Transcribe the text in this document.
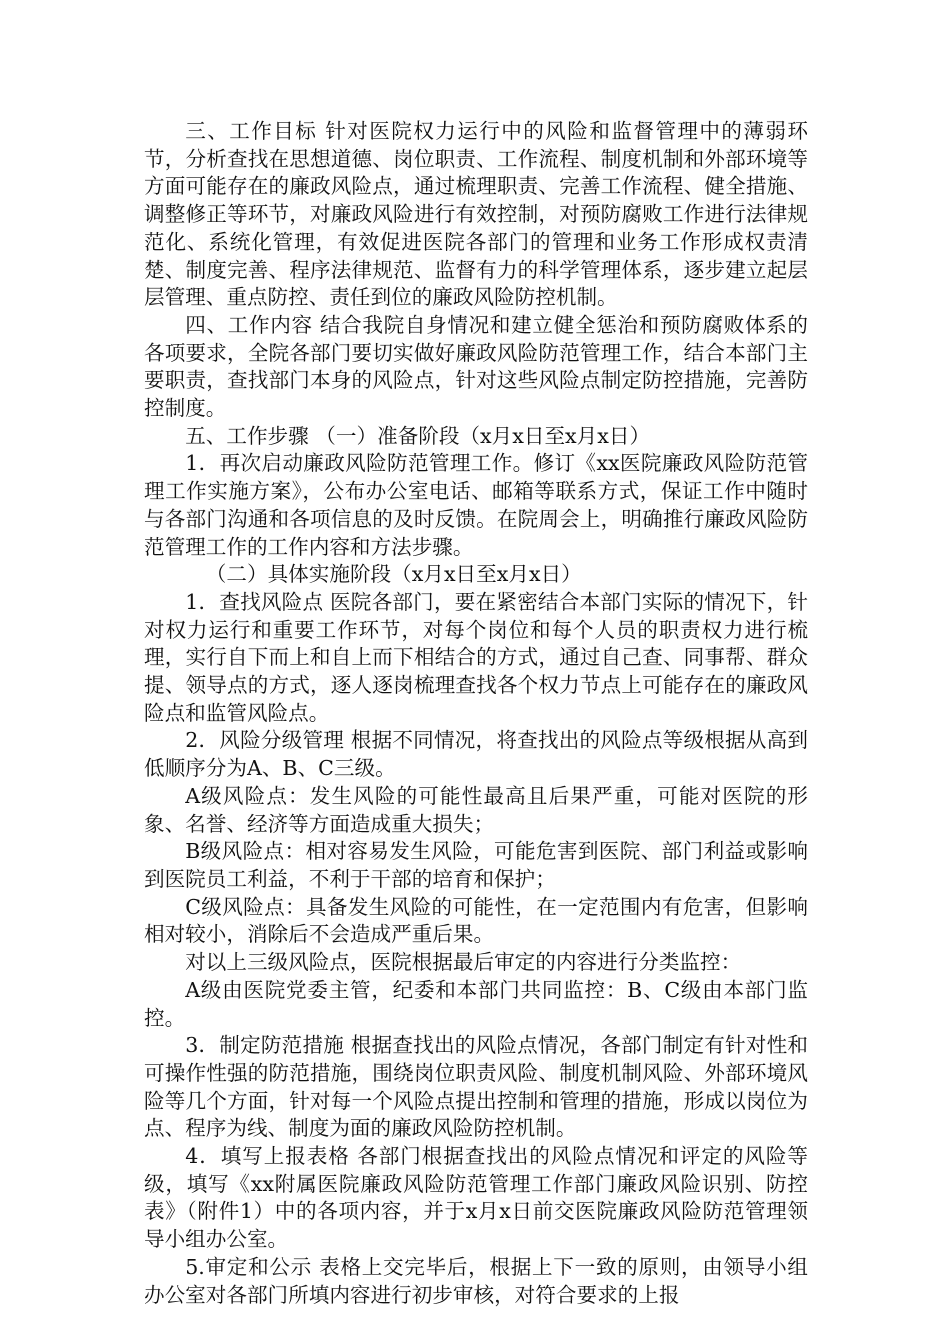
三、工作目标 针对医院权力运行中的风险和监督管理中的薄弱环节，分析查找在思想道德、岗位职责、工作流程、制度机制和外部环境等方面可能存在的廉政风险点，通过梳理职责、完善工作流程、健全措施、调整修正等环节，对廉政风险进行有效控制，对预防腐败工作进行法律规范化、系统化管理，有效促进医院各部门的管理和业务工作形成权责清楚、制度完善、程序法律规范、监督有力的科学管理体系，逐步建立起层层管理、重点防控、责任到位的廉政风险防控机制。

四、工作内容 结合我院自身情况和建立健全惩治和预防腐败体系的各项要求，全院各部门要切实做好廉政风险防范管理工作，结合本部门主要职责，查找部门本身的风险点，针对这些风险点制定防控措施，完善防控制度。

五、工作步骤 （一）准备阶段（x月x日至x月x日）

1．再次启动廉政风险防范管理工作。修订《xx医院廉政风险防范管理工作实施方案》，公布办公室电话、邮箱等联系方式，保证工作中随时与各部门沟通和各项信息的及时反馈。在院周会上，明确推行廉政风险防范管理工作的工作内容和方法步骤。

（二）具体实施阶段（x月x日至x月x日）

1．查找风险点 医院各部门，要在紧密结合本部门实际的情况下，针对权力运行和重要工作环节，对每个岗位和每个人员的职责权力进行梳理，实行自下而上和自上而下相结合的方式，通过自己查、同事帮、群众提、领导点的方式，逐人逐岗梳理查找各个权力节点上可能存在的廉政风险点和监管风险点。

2．风险分级管理 根据不同情况，将查找出的风险点等级根据从高到低顺序分为A、B、C三级。

A级风险点：发生风险的可能性最高且后果严重，可能对医院的形象、名誉、经济等方面造成重大损失；

B级风险点：相对容易发生风险，可能危害到医院、部门利益或影响到医院员工利益，不利于干部的培育和保护；

C级风险点：具备发生风险的可能性，在一定范围内有危害，但影响相对较小，消除后不会造成严重后果。

对以上三级风险点，医院根据最后审定的内容进行分类监控：

A级由医院党委主管，纪委和本部门共同监控：B、C级由本部门监控。

3．制定防范措施 根据查找出的风险点情况，各部门制定有针对性和可操作性强的防范措施，围绕岗位职责风险、制度机制风险、外部环境风险等几个方面，针对每一个风险点提出控制和管理的措施，形成以岗位为点、程序为线、制度为面的廉政风险防控机制。

4．填写上报表格 各部门根据查找出的风险点情况和评定的风险等级，填写《xx附属医院廉政风险防范管理工作部门廉政风险识别、防控表》（附件1）中的各项内容，并于x月x日前交医院廉政风险防范管理领导小组办公室。

5.审定和公示 表格上交完毕后，根据上下一致的原则，由领导小组办公室对各部门所填内容进行初步审核，对符合要求的上报
